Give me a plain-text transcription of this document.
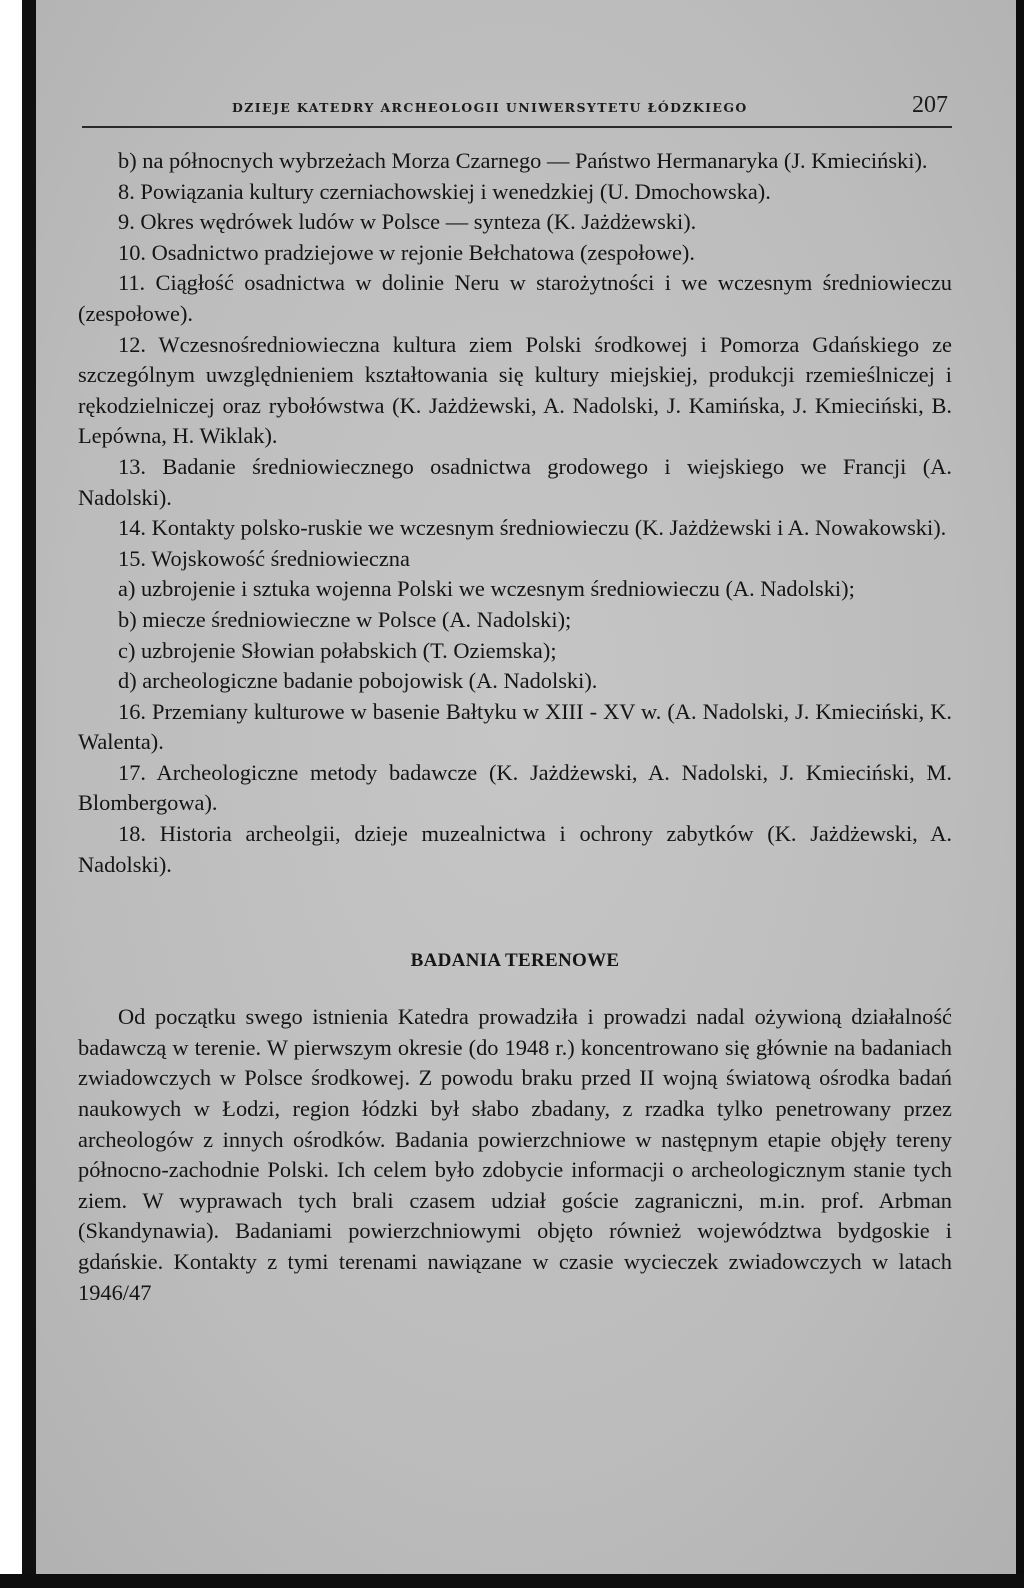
DZIEJE KATEDRY ARCHEOLOGII UNIWERSYTETU ŁÓDZKIEGO	207

b) na północnych wybrzeżach Morza Czarnego — Państwo Hermanaryka (J. Kmieciński).

8. Powiązania kultury czerniachowskiej i wenedzkiej (U. Dmochowska).

9. Okres wędrówek ludów w Polsce — synteza (K. Jażdżewski).

10. Osadnictwo pradziejowe w rejonie Bełchatowa (zespołowe).

11. Ciągłość osadnictwa w dolinie Neru w starożytności i we wczesnym średniowieczu (zespołowe).

12. Wczesnośredniowieczna kultura ziem Polski środkowej i Pomorza Gdańskiego ze szczególnym uwzględnieniem kształtowania się kultury miejskiej, produkcji rzemieślniczej i rękodzielniczej oraz rybołówstwa (K. Jażdżewski, A. Nadolski, J. Kamińska, J. Kmieciński, B. Lepówna, H. Wiklak).

13. Badanie średniowiecznego osadnictwa grodowego i wiejskiego we Francji (A. Nadolski).

14. Kontakty polsko-ruskie we wczesnym średniowieczu (K. Jażdżewski i A. Nowakowski).

15. Wojskowość średniowieczna

a) uzbrojenie i sztuka wojenna Polski we wczesnym średniowieczu (A. Nadolski);

b) miecze średniowieczne w Polsce (A. Nadolski);

c) uzbrojenie Słowian połabskich (T. Oziemska);

d) archeologiczne badanie pobojowisk (A. Nadolski).

16. Przemiany kulturowe w basenie Bałtyku w XIII - XV w. (A. Nadolski, J. Kmieciński, K. Walenta).

17. Archeologiczne metody badawcze (K. Jażdżewski, A. Nadolski, J. Kmieciński, M. Blombergowa).

18. Historia archeolgii, dzieje muzealnictwa i ochrony zabytków (K. Jażdżewski, A. Nadolski).

BADANIA TERENOWE

Od początku swego istnienia Katedra prowadziła i prowadzi nadal ożywioną działalność badawczą w terenie. W pierwszym okresie (do 1948 r.) koncentrowano się głównie na badaniach zwiadowczych w Polsce środkowej. Z powodu braku przed II wojną światową ośrodka badań naukowych w Łodzi, region łódzki był słabo zbadany, z rzadka tylko penetrowany przez archeologów z innych ośrodków. Badania powierzchniowe w następnym etapie objęły tereny północno-zachodnie Polski. Ich celem było zdobycie informacji o archeologicznym stanie tych ziem. W wyprawach tych brali czasem udział goście zagraniczni, m.in. prof. Arbman (Skandynawia). Badaniami powierzchniowymi objęto również województwa bydgoskie i gdańskie. Kontakty z tymi terenami nawiązane w czasie wycieczek zwiadowczych w latach 1946/47
